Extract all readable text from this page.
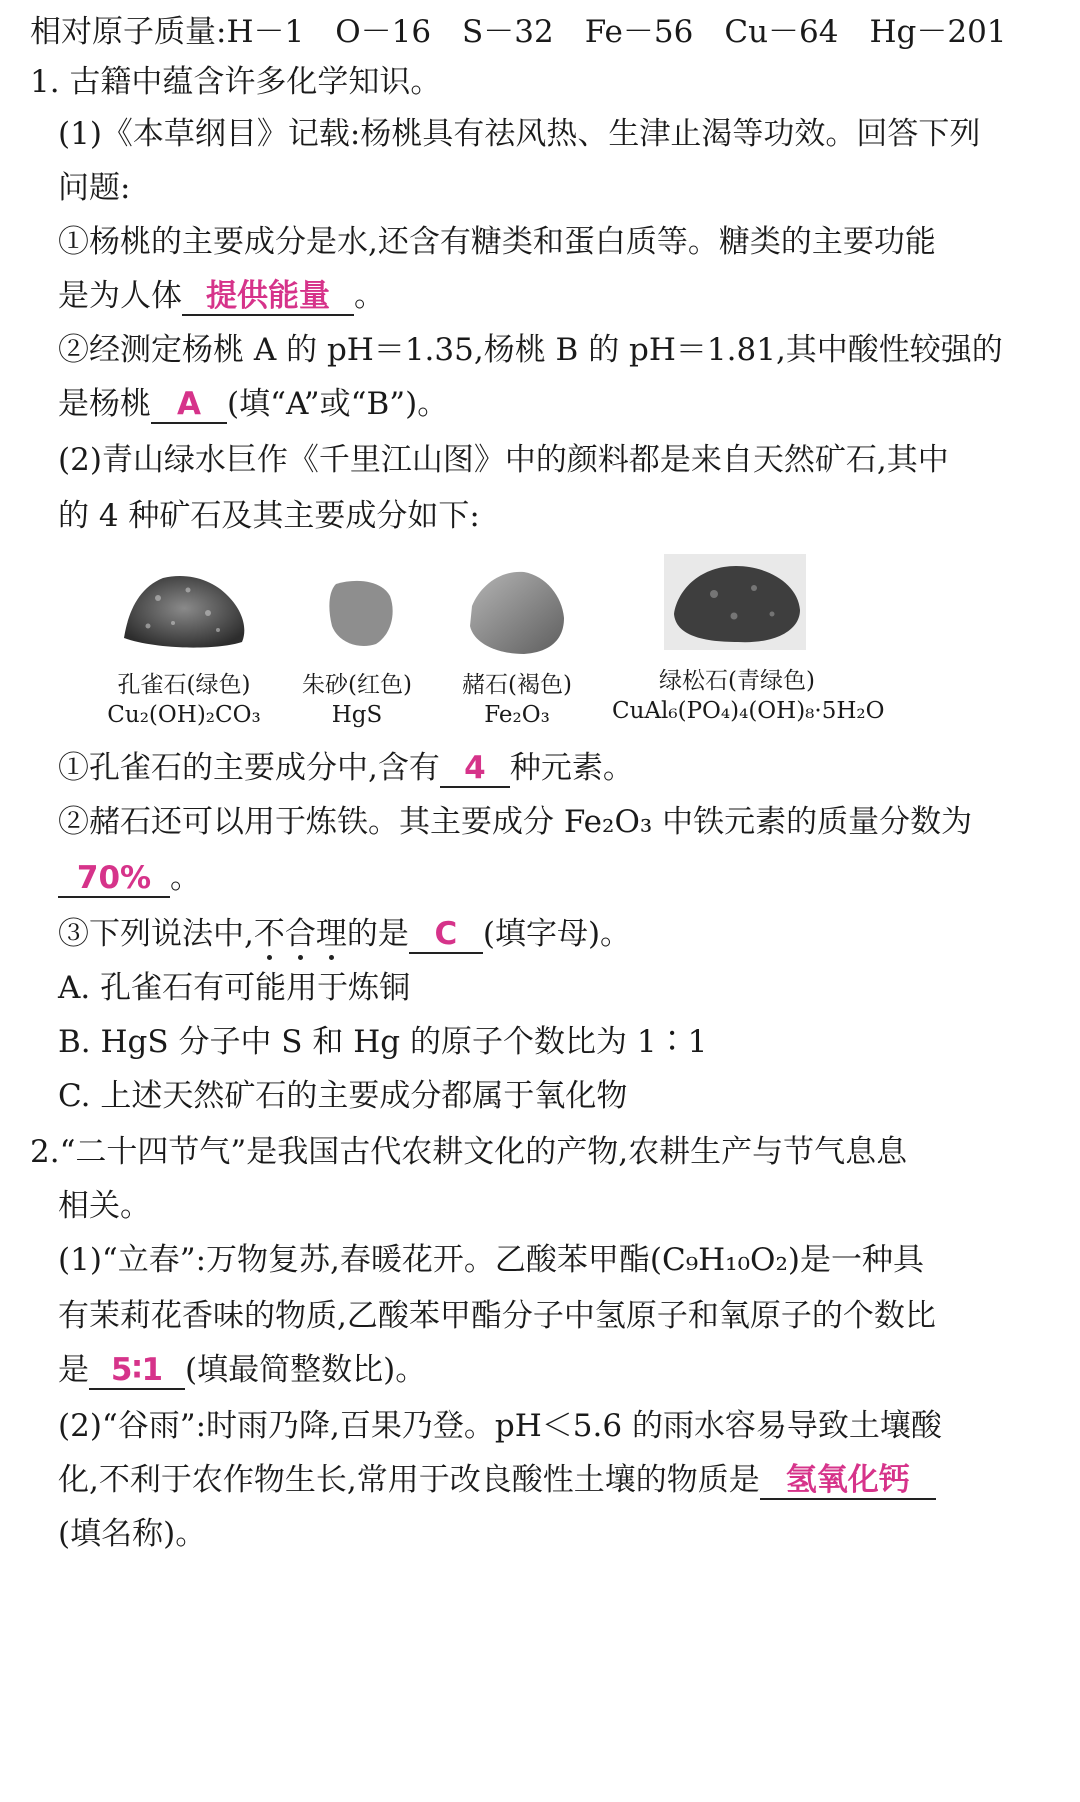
相对原子质量:H－1　O－16　S－32　Fe－56　Cu－64　Hg－201
1. 古籍中蕴含许多化学知识。
(1)《本草纲目》记载:杨桃具有祛风热、生津止渴等功效。回答下列
问题:
①杨桃的主要成分是水,还含有糖类和蛋白质等。糖类的主要功能
是为人体 提供能量 。
②经测定杨桃 A 的 pH＝1.35,杨桃 B 的 pH＝1.81,其中酸性较强的
是杨桃 A (填“A”或“B”)。
(2)青山绿水巨作《千里江山图》中的颜料都是来自天然矿石,其中
的 4 种矿石及其主要成分如下:
孔雀石(绿色)
Cu₂(OH)₂CO₃
朱砂(红色)
HgS
赭石(褐色)
Fe₂O₃
绿松石(青绿色)
CuAl₆(PO₄)₄(OH)₈·5H₂O
①孔雀石的主要成分中,含有 4 种元素。
②赭石还可以用于炼铁。其主要成分 Fe₂O₃ 中铁元素的质量分数为
70% 。
③下列说法中,不合理的是 C (填字母)。
A. 孔雀石有可能用于炼铜
B. HgS 分子中 S 和 Hg 的原子个数比为 1∶1
C. 上述天然矿石的主要成分都属于氧化物
2.“二十四节气”是我国古代农耕文化的产物,农耕生产与节气息息
相关。
(1)“立春”:万物复苏,春暖花开。乙酸苯甲酯(C₉H₁₀O₂)是一种具
有茉莉花香味的物质,乙酸苯甲酯分子中氢原子和氧原子的个数比
是 5∶1 (填最简整数比)。
(2)“谷雨”:时雨乃降,百果乃登。pH＜5.6 的雨水容易导致土壤酸
化,不利于农作物生长,常用于改良酸性土壤的物质是 氢氧化钙
(填名称)。
